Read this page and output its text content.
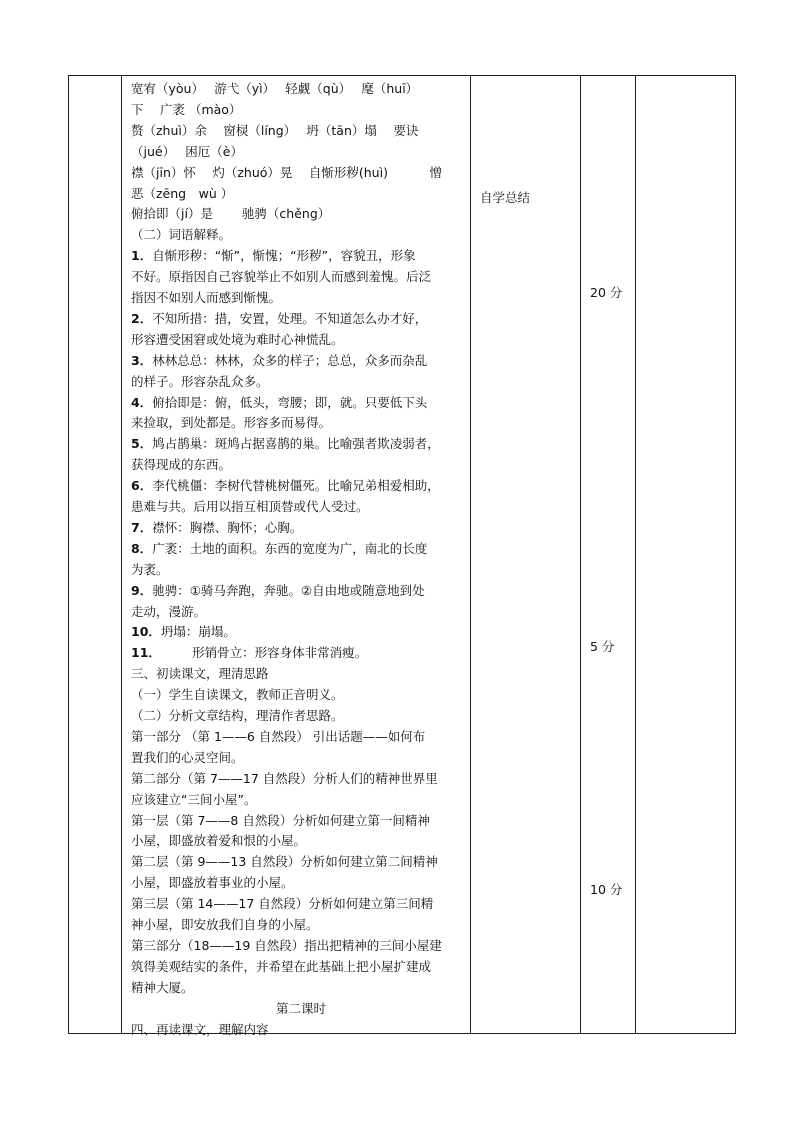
宽宥（yòu）　 游弋（yì）　 轻觑（qù）　 麾（huī）
下　 广袤 （mào）
赘（zhuì）余　 窗棂（líng）　 坍（tān）塌　 要诀
（jué）　 困厄（è）
襟（jīn）怀　 灼（zhuó）晃　 自惭形秽(huì)　　　 憎
恶（zēng　wù ）
俯拾即（jí）是　　 驰骋（chěng）
（二）词语解释。
1．自惭形秽：“惭”，惭愧；“形秽”，容貌丑，形象
不好。原指因自己容貌举止不如别人而感到羞愧。后泛
指因不如别人而感到惭愧。
2．不知所措：措，安置，处理。不知道怎么办才好，
形容遭受困窘或处境为难时心神慌乱。
3．林林总总：林林，众多的样子；总总，众多而杂乱
的样子。形容杂乱众多。
4．俯拾即是：俯，低头，弯腰；即，就。只要低下头
来捡取，到处都是。形容多而易得。
5．鸠占鹊巢：斑鸠占据喜鹊的巢。比喻强者欺凌弱者，
获得现成的东西。
6．李代桃僵：李树代替桃树僵死。比喻兄弟相爱相助，
患难与共。后用以指互相顶替或代人受过。
7．襟怀：胸襟、胸怀；心胸。
8．广袤：土地的面积。东西的宽度为广，南北的长度
为袤。
9．驰骋：①骑马奔跑，奔驰。②自由地或随意地到处
走动，漫游。
10．坍塌：崩塌。
11．　　　形销骨立：形容身体非常消瘦。
三、初读课文，理清思路
（一）学生自读课文，教师正音明义。
（二）分析文章结构，理清作者思路。
第一部分 （第 1——6 自然段） 引出话题——如何布
置我们的心灵空间。
第二部分（第 7——17 自然段）分析人们的精神世界里
应该建立“三间小屋”。
第一层（第 7——8 自然段）分析如何建立第一间精神
小屋，即盛放着爱和恨的小屋。
第二层（第 9——13 自然段）分析如何建立第二间精神
小屋，即盛放着事业的小屋。
第三层（第 14——17 自然段）分析如何建立第三间精
神小屋，即安放我们自身的小屋。
第三部分（18——19 自然段）指出把精神的三间小屋建
筑得美观结实的条件，并希望在此基础上把小屋扩建成
精神大厦。
第二课时
四、再读课文，理解内容
自学总结
20 分
5 分
10 分
